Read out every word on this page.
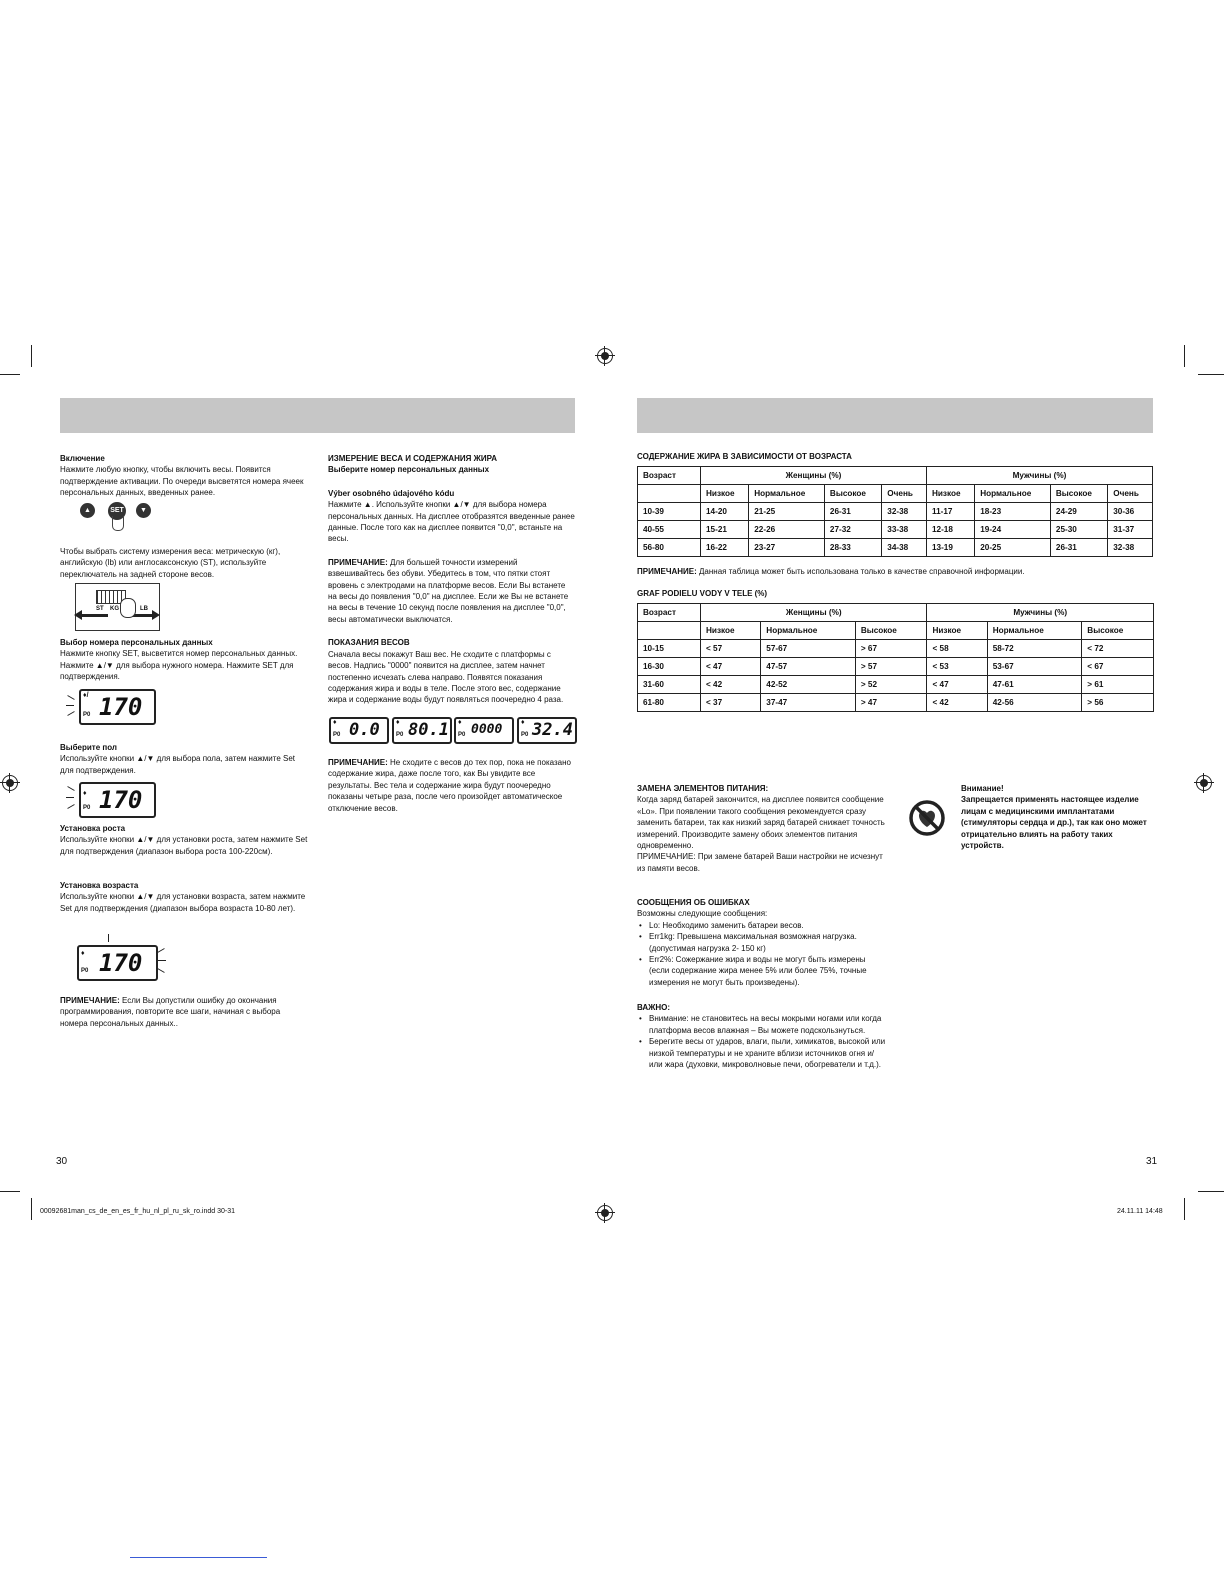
Включение

Нажмите любую кнопку, чтобы включить весы. Появится подтверждение активации. По очереди высветятся номера ячеек персональных данных, введенных ранее.

▲	SET	▼

Чтобы выбрать систему измерения веса: метрическую (кг), английскую (lb) или англосаксонскую (ST), используйте переключатель на задней стороне весов.

ST KG	LB

Выбор номера персональных данных

Нажмите кнопку SET, высветится номер персональных данных. Нажмите ▲/▼ для выбора нужного номера. Нажмите SET для подтверждения.

♦/
P0 170

Выберите пол

Используйте кнопки ▲/▼ для выбора пола, затем нажмите Set для подтверждения.

♦
P0 170

Установка роста

Используйте кнопки ▲/▼ для установки роста, затем нажмите Set для подтверждения (диапазон выбора роста 100-220см).

Установка возраста

Используйте кнопки ▲/▼ для установки возраста, затем нажмите Set для подтверждения (диапазон выбора возраста 10-80 лет).

♦
P0 170

ПРИМЕЧАНИЕ: Если Вы допустили ошибку до окончания программирования, повторите все шаги, начиная с выбора номера персональных данных..

ИЗМЕРЕНИЕ ВЕСА И СОДЕРЖАНИЯ ЖИРА

Выберите номер персональных данных

Výber osobného údajového kódu

Нажмите ▲. Используйте кнопки ▲/▼ для выбора номера персональных данных. На дисплее отобразятся введенные ранее данные. После того как на дисплее появится "0,0", встаньте на весы.

ПРИМЕЧАНИЕ: Для большей точности измерений взвешивайтесь без обуви. Убедитесь в том, что пятки стоят вровень с электродами на платформе весов. Если Вы встанете на весы до появления "0,0" на дисплее. Если же Вы не встанете на весы в течение 10 секунд после появления на дисплее "0,0", весы автоматически выключатся.

ПОКАЗАНИЯ ВЕСОВ

Сначала весы покажут Ваш вес. Не сходите с платформы с весов. Надпись "0000" появится на дисплее, затем начнет постепенно исчезать слева направо. Появятся показания содержания жира и воды в теле. После этого вес, содержание жира и содержание воды будут появляться поочередно 4 раза.

♦
P0 0.0 ♦
P0 80.1 ♦
P0 0000	♦
P0 32.4

ПРИМЕЧАНИЕ: Не сходите с весов до тех пор, пока не показано содержание жира, даже после того, как Вы увидите все результаты. Вес тела и содержание жира будут поочередно показаны четыре раза, после чего произойдет автоматическое отключение весов.

СОДЕРЖАНИЕ ЖИРА В ЗАВИСИМОСТИ ОТ ВОЗРАСТА

Возраст	Женщины (%)				Мужчины (%)			
	Низкое	Нормальное	Высокое	Очень	Низкое	Нормальное	Высокое	Очень
10-39	14-20	21-25	26-31	32-38	11-17	18-23	24-29	30-36
40-55	15-21	22-26	27-32	33-38	12-18	19-24	25-30	31-37
56-80	16-22	23-27	28-33	34-38	13-19	20-25	26-31	32-38

ПРИМЕЧАНИЕ: Данная таблица может быть использована только в качестве справочной информации.

GRAF PODIELU VODY V TELE (%)

Возраст	Женщины (%)			Мужчины (%)		
	Низкое	Нормальное	Высокое	Низкое	Нормальное	Высокое
10-15	< 57	57-67	> 67	< 58	58-72	< 72
16-30	< 47	47-57	> 57	< 53	53-67	< 67
31-60	< 42	42-52	> 52	< 47	47-61	> 61
61-80	< 37	37-47	> 47	< 42	42-56	> 56

ЗАМЕНА ЭЛЕМЕНТОВ ПИТАНИЯ:

Когда заряд батарей закончится, на дисплее появится сообщение «Lo». При появлении такого сообщения рекомендуется сразу заменить батареи, так как низкий заряд батарей снижает точность измерений. Производите замену обоих элементов питания одновременно.

ПРИМЕЧАНИЕ: При замене батарей Ваши настройки не исчезнут из памяти весов.

Внимание!

Запрещается применять настоящее изделие лицам с медицинскими имплантатами (стимуляторы сердца и др.), так как оно может отрицательно влиять на работу таких устройств.

СООБЩЕНИЯ ОБ ОШИБКАХ

Возможны следующие сообщения:

• Lo: Необходимо заменить батареи весов.
• Err1kg: Превышена максимальная возможная нагрузка. (допустимая нагрузка 2- 150 кг)
• Err2%: Сожержание жира и воды не могут быть измерены (если содержание жира менее 5% или более 75%, точные измерения не могут быть произведены).

ВАЖНО:

• Внимание: не становитесь на весы мокрыми ногами или когда платформа весов влажная – Вы можете подскользнуться.
• Берегите весы от ударов, влаги, пыли, химикатов, высокой или низкой температуры и не храните вблизи источников огня и/или жара (духовки, микроволновые печи, обогреватели и т.д.).
30	31
00092681man_cs_de_en_es_fr_hu_nl_pl_ru_sk_ro.indd 30-31	24.11.11 14:48
